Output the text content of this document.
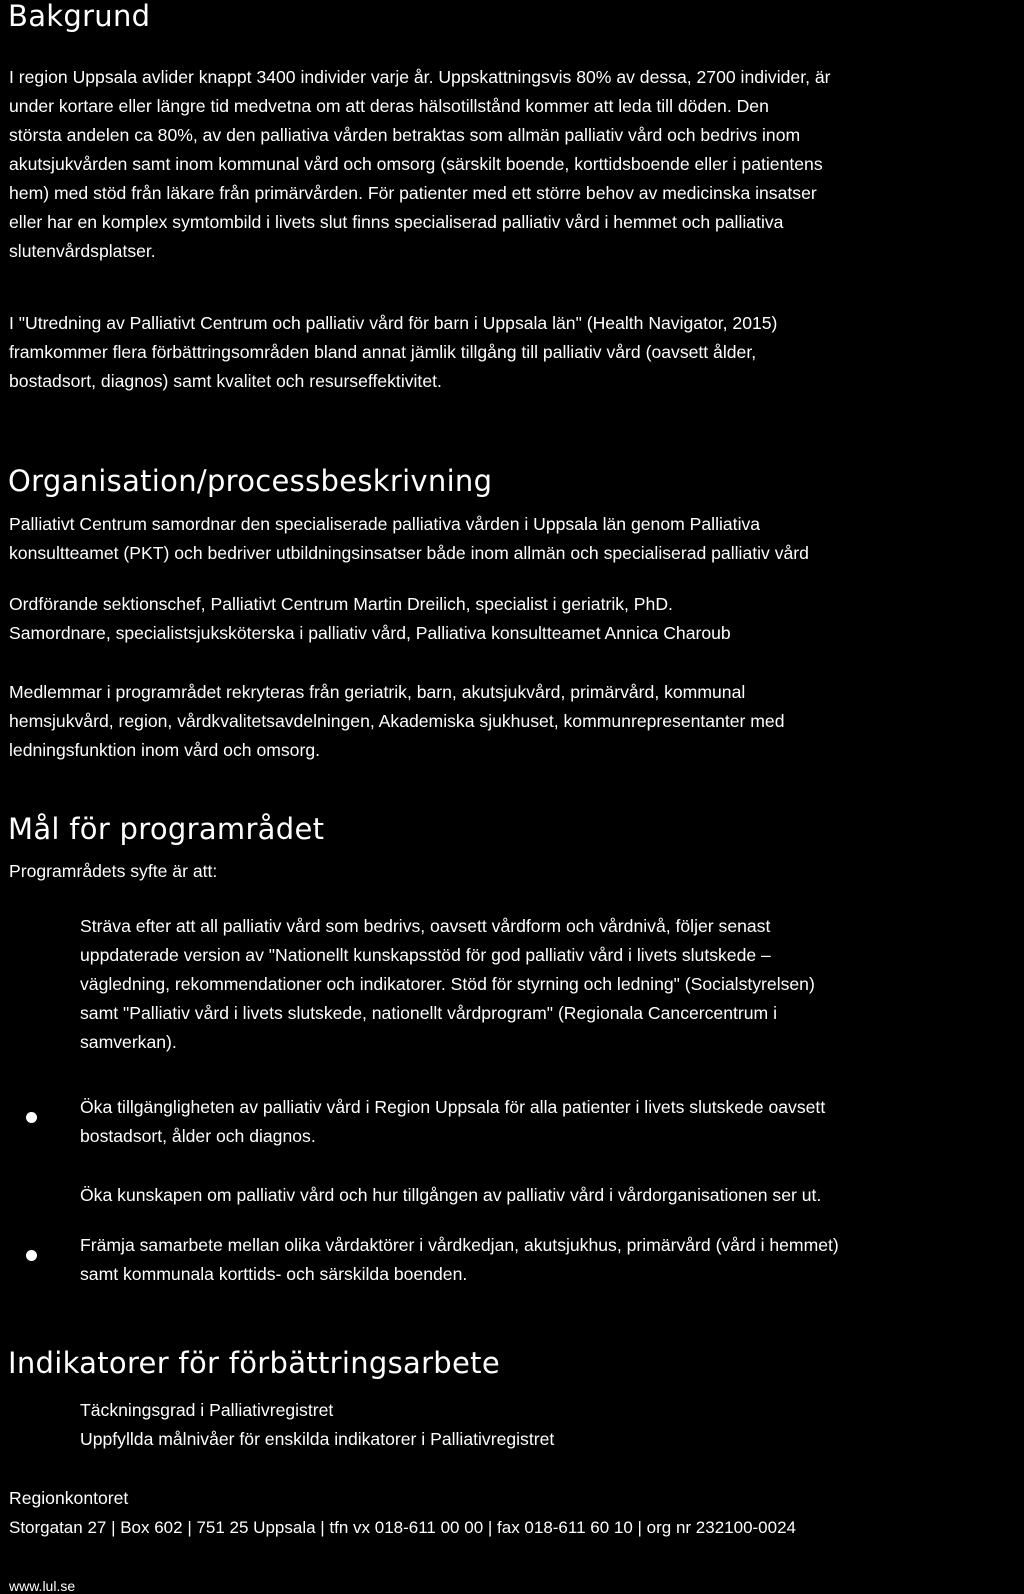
Bakgrund
I region Uppsala avlider knappt 3400 individer varje år. Uppskattningsvis 80% av dessa, 2700 individer, är
under kortare eller längre tid medvetna om att deras hälsotillstånd kommer att leda till döden. Den
största andelen ca 80%, av den palliativa vården betraktas som allmän palliativ vård och bedrivs inom
akutsjukvården samt inom kommunal vård och omsorg (särskilt boende, korttidsboende eller i patientens
hem) med stöd från läkare från primärvården. För patienter med ett större behov av medicinska insatser
eller har en komplex symtombild i livets slut finns specialiserad palliativ vård i hemmet och palliativa
slutenvårdsplatser.
I "Utredning av Palliativt Centrum och palliativ vård för barn i Uppsala län" (Health Navigator, 2015)
framkommer flera förbättringsområden bland annat jämlik tillgång till palliativ vård (oavsett ålder,
bostadsort, diagnos) samt kvalitet och resurseffektivitet.
Organisation/processbeskrivning
Palliativt Centrum samordnar den specialiserade palliativa vården i Uppsala län genom Palliativa
konsultteamet (PKT) och bedriver utbildningsinsatser både inom allmän och specialiserad palliativ vård
Ordförande sektionschef, Palliativt Centrum Martin Dreilich, specialist i geriatrik, PhD.
Samordnare, specialistsjuksköterska i palliativ vård, Palliativa konsultteamet Annica Charoub
Medlemmar i programrådet rekryteras från geriatrik, barn, akutsjukvård, primärvård, kommunal
hemsjukvård, region, vårdkvalitetsavdelningen, Akademiska sjukhuset, kommunrepresentanter med
ledningsfunktion inom vård och omsorg.
Mål för programrådet
Programrådets syfte är att:
Sträva efter att all palliativ vård som bedrivs, oavsett vårdform och vårdnivå, följer senast
uppdaterade version av "Nationellt kunskapsstöd för god palliativ vård i livets slutskede –
vägledning, rekommendationer och indikatorer. Stöd för styrning och ledning" (Socialstyrelsen)
samt "Palliativ vård i livets slutskede, nationellt vårdprogram" (Regionala Cancercentrum i
samverkan).
Öka tillgängligheten av palliativ vård i Region Uppsala för alla patienter i livets slutskede oavsett
bostadsort, ålder och diagnos.
Öka kunskapen om palliativ vård och hur tillgången av palliativ vård i vårdorganisationen ser ut.
Främja samarbete mellan olika vårdaktörer i vårdkedjan, akutsjukhus, primärvård (vård i hemmet)
samt kommunala korttids- och särskilda boenden.
Indikatorer för förbättringsarbete
Täckningsgrad i Palliativregistret
Uppfyllda målnivåer för enskilda indikatorer i Palliativregistret
Regionkontoret
Storgatan 27 | Box 602 | 751 25 Uppsala | tfn vx 018-611 00 00 | fax 018-611 60 10 | org nr 232100-0024
www.lul.se
